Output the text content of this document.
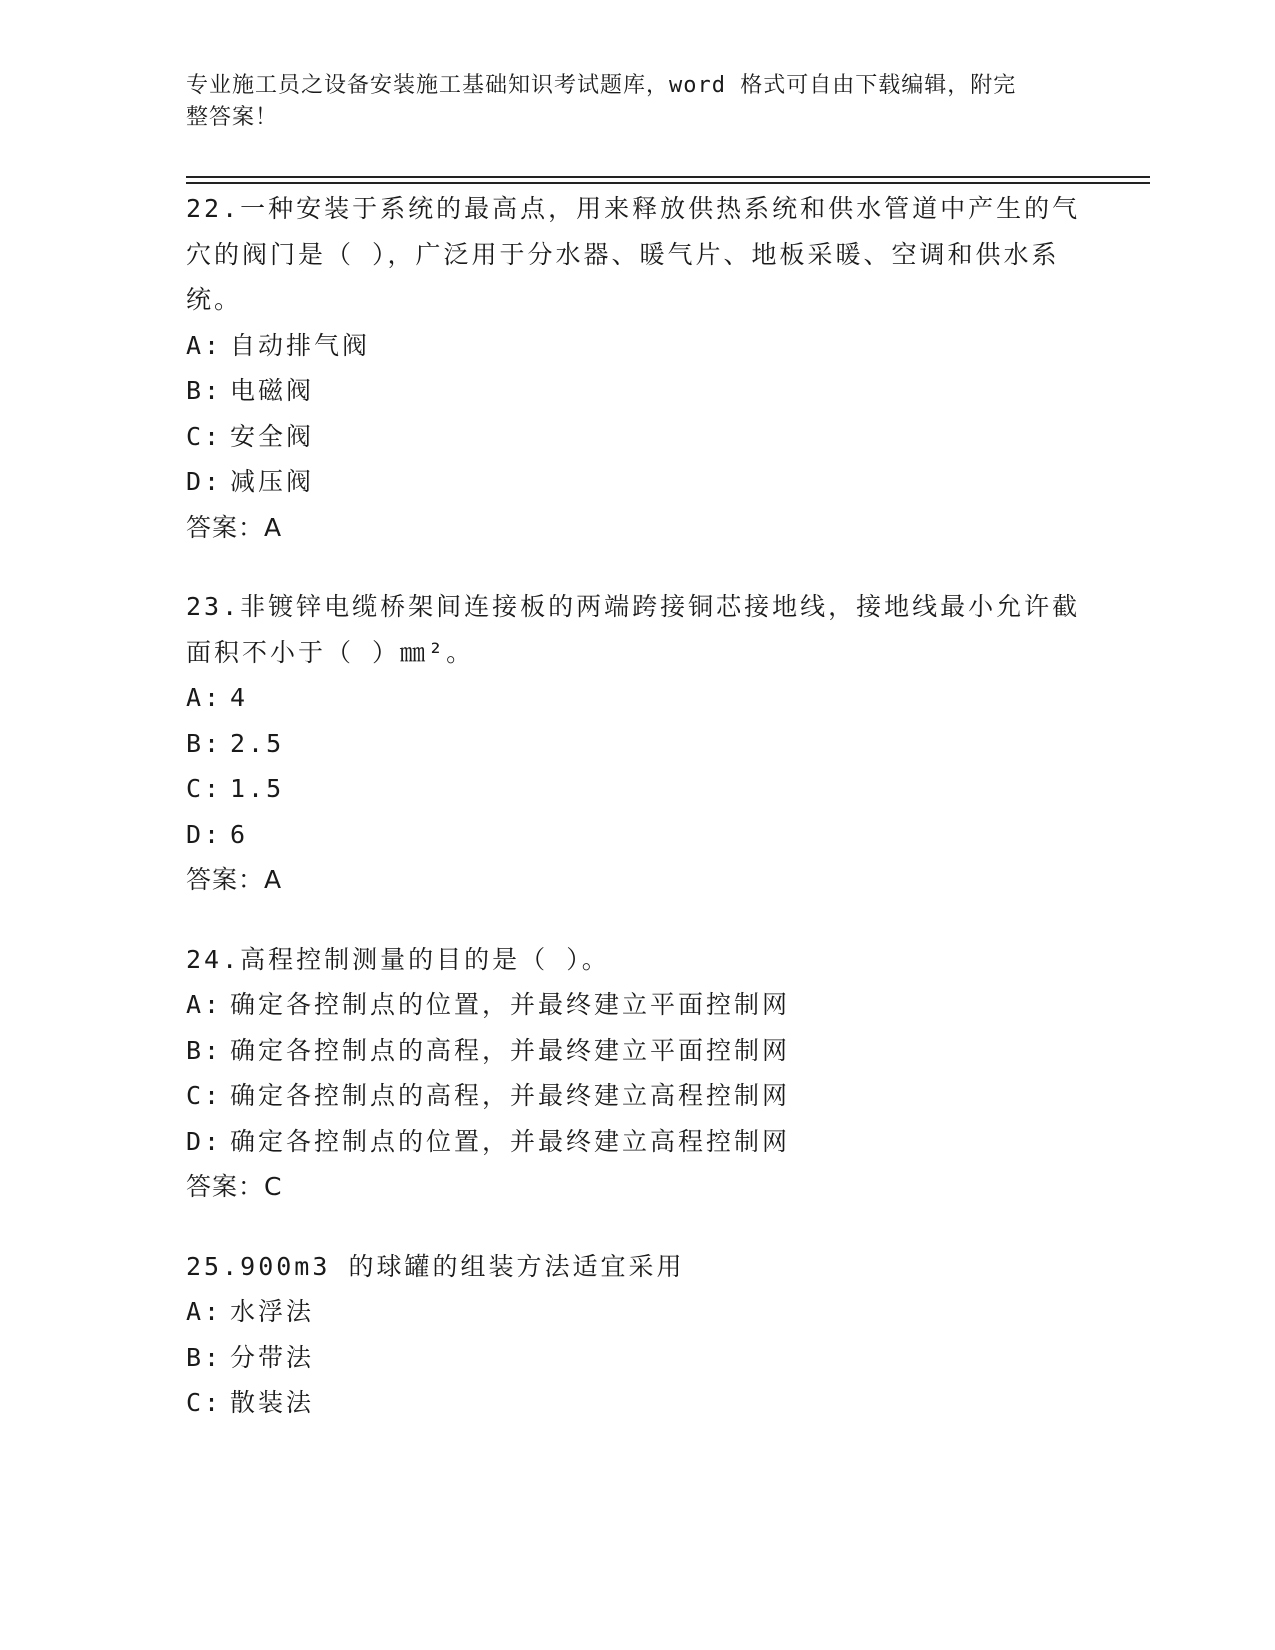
专业施工员之设备安装施工基础知识考试题库，word 格式可自由下载编辑，附完
整答案！

22.一种安装于系统的最高点，用来释放供热系统和供水管道中产生的气穴的阀门是（ ），广泛用于分水器、暖气片、地板采暖、空调和供水系统。

A: 自动排气阀
B: 电磁阀
C: 安全阀
D: 减压阀

答案：A

23.非镀锌电缆桥架间连接板的两端跨接铜芯接地线，接地线最小允许截面积不小于（ ）㎜²。

A: 4
B: 2.5
C: 1.5
D: 6

答案：A

24.高程控制测量的目的是（ ）。

A: 确定各控制点的位置，并最终建立平面控制网
B: 确定各控制点的高程，并最终建立平面控制网
C: 确定各控制点的高程，并最终建立高程控制网
D: 确定各控制点的位置，并最终建立高程控制网

答案：C

25.900m3 的球罐的组装方法适宜采用

A: 水浮法
B: 分带法
C: 散装法
